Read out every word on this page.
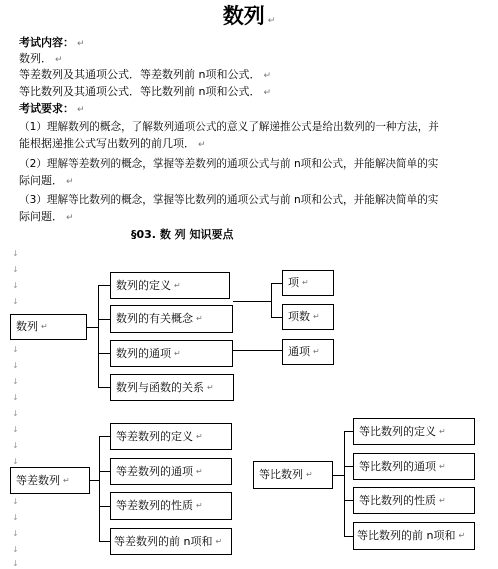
数列 ↵
考试内容： ↵
数列． ↵
等差数列及其通项公式．等差数列前 n项和公式． ↵
等比数列及其通项公式．等比数列前 n项和公式． ↵
考试要求： ↵
（1）理解数列的概念，了解数列通项公式的意义了解递推公式是给出数列的一种方法，并
能根据递推公式写出数列的前几项． ↵
（2）理解等差数列的概念，掌握等差数列的通项公式与前 n项和公式，并能解决简单的实
际问题． ↵
（3）理解等比数列的概念，掌握等比数列的通项公式与前 n项和公式，并能解决简单的实
际问题． ↵
§03. 数 列 知识要点
↓
↓
↓
↓
↓
↓
↓
↓
↓
↓
↓
↓
↓
↓
↓
↓
↓
数列 ↵
数列的定义 ↵
数列的有关概念 ↵
数列的通项 ↵
数列与函数的关系 ↵
项 ↵
项数 ↵
通项 ↵
等差数列 ↵
等差数列的定义 ↵
等差数列的通项 ↵
等差数列的性质 ↵
等差数列的前 n项和 ↵
等比数列 ↵
等比数列的定义 ↵
等比数列的通项 ↵
等比数列的性质 ↵
等比数列的前 n项和 ↵
